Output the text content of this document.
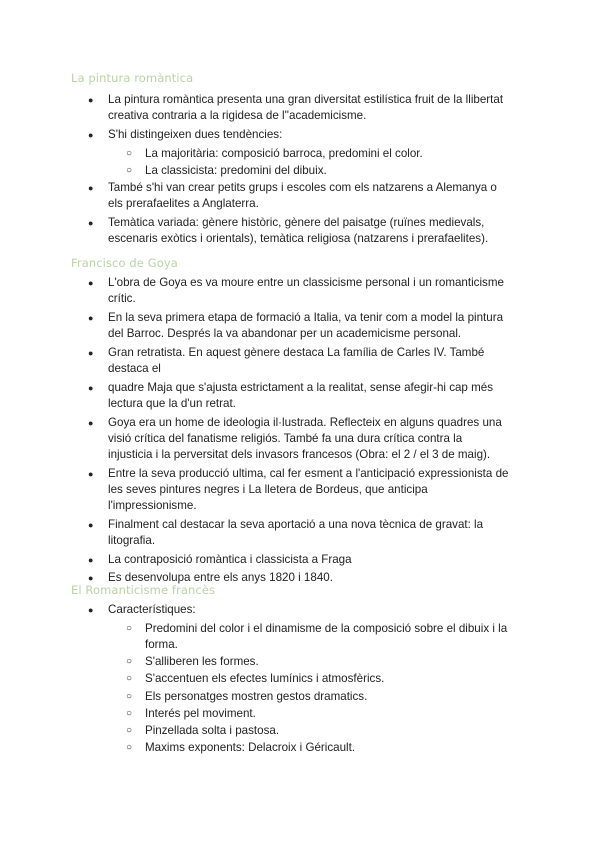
La pintura romàntica
● La pintura romàntica presenta una gran diversitat estilística fruit de la llibertat
creativa contraria a la rigidesa de l''academicisme.
● S'hi distingeixen dues tendències:
○ La majoritària: composició barroca, predomini el color.
○ La classicista: predomini del dibuix.
● També s'hi van crear petits grups i escoles com els natzarens a Alemanya o
els prerafaelites a Anglaterra.
● Temàtica variada: gènere històric, gènere del paisatge (ruïnes medievals,
escenaris exòtics i orientals), temàtica religiosa (natzarens i prerafaelites).
Francisco de Goya
● L'obra de Goya es va moure entre un classicisme personal i un romanticisme
crític.
● En la seva primera etapa de formació a Italia, va tenir com a model la pintura
del Barroc. Després la va abandonar per un academicisme personal.
● Gran retratista. En aquest gènere destaca La família de Carles IV. També
destaca el
● quadre Maja que s'ajusta estrictament a la realitat, sense afegir-hi cap més
lectura que la d'un retrat.
● Goya era un home de ideologia il·lustrada. Reflecteix en alguns quadres una
visió crítica del fanatisme religiós. També fa una dura crítica contra la
injusticia i la perversitat dels invasors francesos (Obra: el 2 / el 3 de maig).
● Entre la seva producció ultima, cal fer esment a l'anticipació expressionista de
les seves pintures negres i La lletera de Bordeus, que anticipa
l'impressionisme.
● Finalment cal destacar la seva aportació a una nova tècnica de gravat: la
litografia.
● La contraposició romàntica i classicista a Fraga
● Es desenvolupa entre els anys 1820 i 1840.
El Romanticisme francès
● Característiques:
○ Predomini del color i el dinamisme de la composició sobre el dibuix i la
forma.
○ S'alliberen les formes.
○ S'accentuen els efectes lumínics i atmosfèrics.
○ Els personatges mostren gestos dramatics.
○ Interés pel moviment.
○ Pinzellada solta i pastosa.
○ Maxims exponents: Delacroix i Géricault.
